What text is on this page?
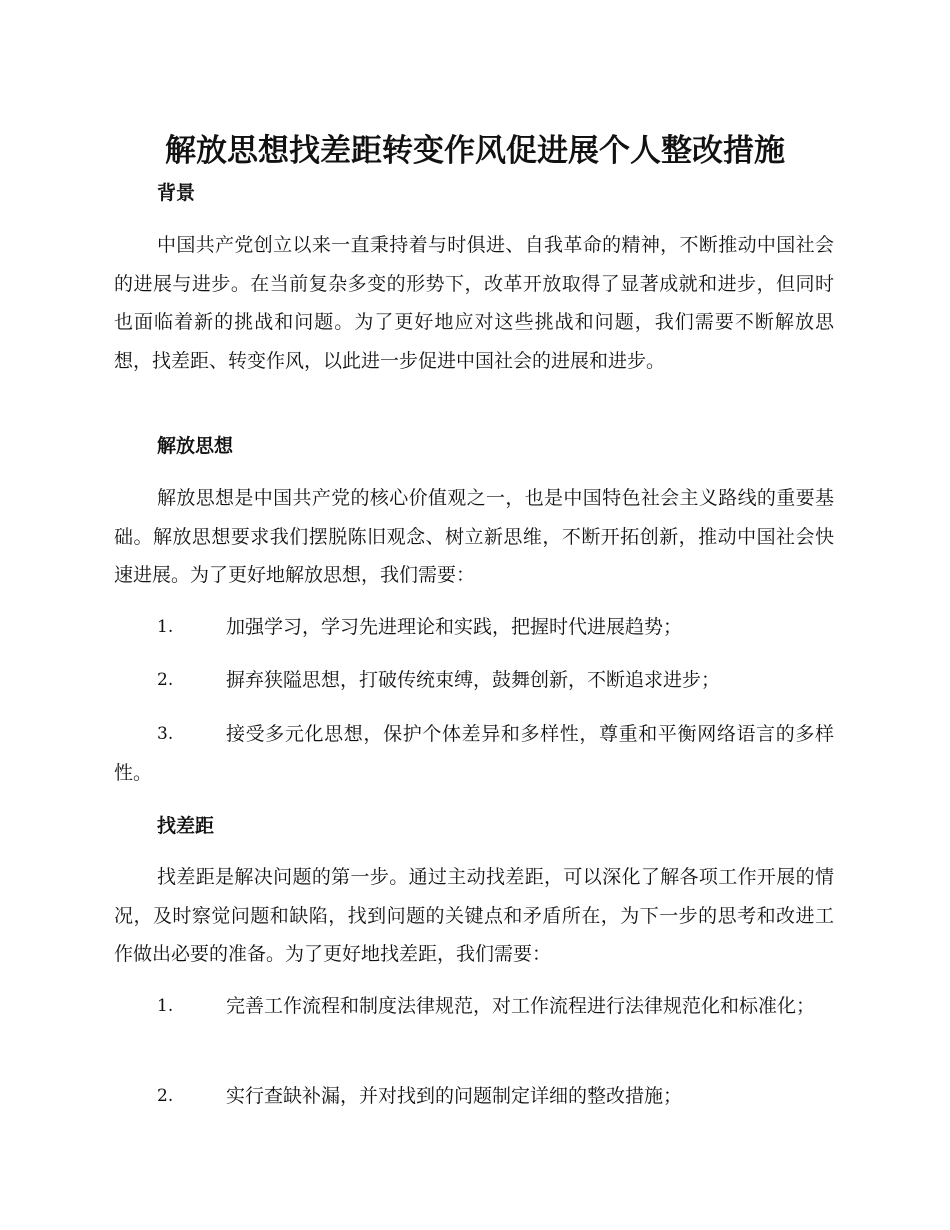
解放思想找差距转变作风促进展个人整改措施
背景

中国共产党创立以来一直秉持着与时俱进、自我革命的精神，不断推动中国社会的进展与进步。在当前复杂多变的形势下，改革开放取得了显著成就和进步，但同时也面临着新的挑战和问题。为了更好地应对这些挑战和问题，我们需要不断解放思想，找差距、转变作风，以此进一步促进中国社会的进展和进步。

解放思想

解放思想是中国共产党的核心价值观之一，也是中国特色社会主义路线的重要基础。解放思想要求我们摆脱陈旧观念、树立新思维，不断开拓创新，推动中国社会快速进展。为了更好地解放思想，我们需要：

1.	加强学习，学习先进理论和实践，把握时代进展趋势；
2.	摒弃狭隘思想，打破传统束缚，鼓舞创新，不断追求进步；
3.	接受多元化思想，保护个体差异和多样性，尊重和平衡网络语言的多样性。
找差距

找差距是解决问题的第一步。通过主动找差距，可以深化了解各项工作开展的情况，及时察觉问题和缺陷，找到问题的关键点和矛盾所在，为下一步的思考和改进工作做出必要的准备。为了更好地找差距，我们需要：

1.	完善工作流程和制度法律规范，对工作流程进行法律规范化和标准化；
2.	实行查缺补漏，并对找到的问题制定详细的整改措施；
